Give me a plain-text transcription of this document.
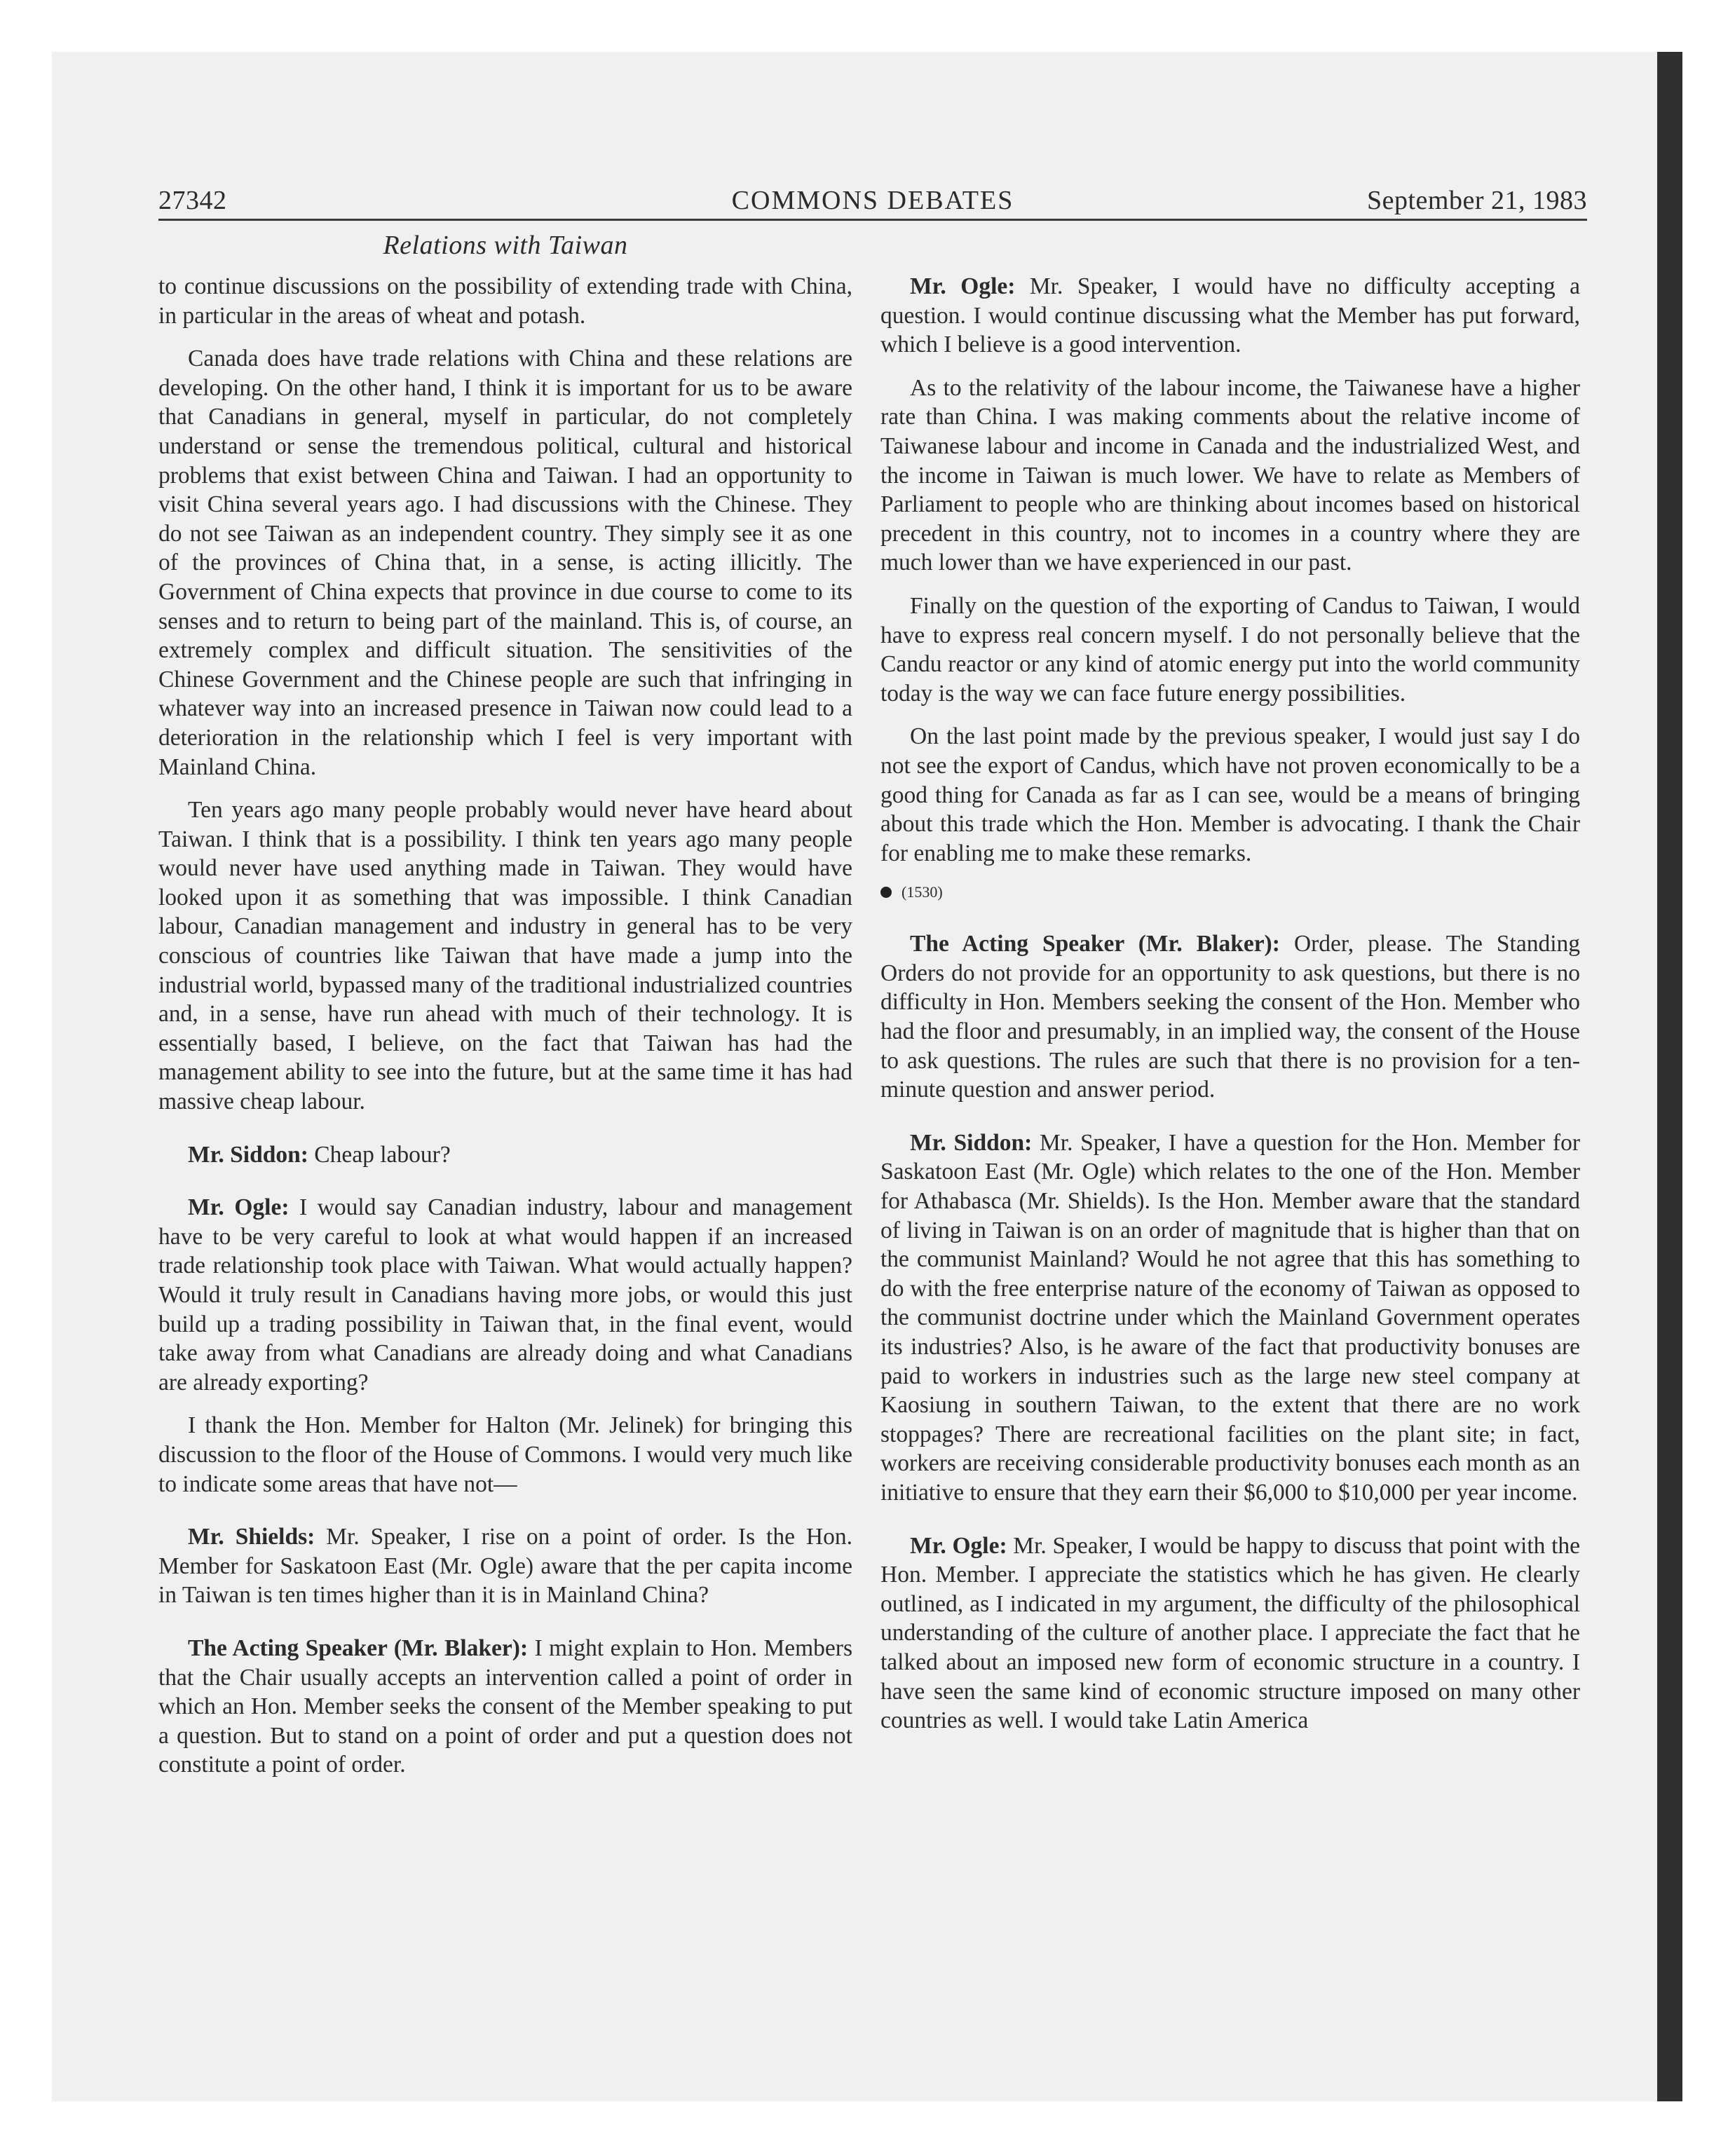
27342	COMMONS DEBATES	September 21, 1983
Relations with Taiwan

to continue discussions on the possibility of extending trade with China, in particular in the areas of wheat and potash.

Canada does have trade relations with China and these relations are developing. On the other hand, I think it is important for us to be aware that Canadians in general, myself in particular, do not completely understand or sense the tremendous political, cultural and historical problems that exist between China and Taiwan. I had an opportunity to visit China several years ago. I had discussions with the Chinese. They do not see Taiwan as an independent country. They simply see it as one of the provinces of China that, in a sense, is acting illicitly. The Government of China expects that province in due course to come to its senses and to return to being part of the mainland. This is, of course, an extremely complex and difficult situation. The sensitivities of the Chinese Government and the Chinese people are such that infringing in whatever way into an increased presence in Taiwan now could lead to a deterioration in the relationship which I feel is very important with Mainland China.

Ten years ago many people probably would never have heard about Taiwan. I think that is a possibility. I think ten years ago many people would never have used anything made in Taiwan. They would have looked upon it as something that was impossible. I think Canadian labour, Canadian management and industry in general has to be very conscious of countries like Taiwan that have made a jump into the industrial world, bypassed many of the traditional industrialized countries and, in a sense, have run ahead with much of their technology. It is essentially based, I believe, on the fact that Taiwan has had the management ability to see into the future, but at the same time it has had massive cheap labour.

Mr. Siddon: Cheap labour?

Mr. Ogle: I would say Canadian industry, labour and management have to be very careful to look at what would happen if an increased trade relationship took place with Taiwan. What would actually happen? Would it truly result in Canadians having more jobs, or would this just build up a trading possibility in Taiwan that, in the final event, would take away from what Canadians are already doing and what Canadians are already exporting?

I thank the Hon. Member for Halton (Mr. Jelinek) for bringing this discussion to the floor of the House of Commons. I would very much like to indicate some areas that have not—

Mr. Shields: Mr. Speaker, I rise on a point of order. Is the Hon. Member for Saskatoon East (Mr. Ogle) aware that the per capita income in Taiwan is ten times higher than it is in Mainland China?

The Acting Speaker (Mr. Blaker): I might explain to Hon. Members that the Chair usually accepts an intervention called a point of order in which an Hon. Member seeks the consent of the Member speaking to put a question. But to stand on a point of order and put a question does not constitute a point of order.

Mr. Ogle: Mr. Speaker, I would have no difficulty accepting a question. I would continue discussing what the Member has put forward, which I believe is a good intervention.

As to the relativity of the labour income, the Taiwanese have a higher rate than China. I was making comments about the relative income of Taiwanese labour and income in Canada and the industrialized West, and the income in Taiwan is much lower. We have to relate as Members of Parliament to people who are thinking about incomes based on historical precedent in this country, not to incomes in a country where they are much lower than we have experienced in our past.

Finally on the question of the exporting of Candus to Taiwan, I would have to express real concern myself. I do not personally believe that the Candu reactor or any kind of atomic energy put into the world community today is the way we can face future energy possibilities.

On the last point made by the previous speaker, I would just say I do not see the export of Candus, which have not proven economically to be a good thing for Canada as far as I can see, would be a means of bringing about this trade which the Hon. Member is advocating. I thank the Chair for enabling me to make these remarks.

(1530)

The Acting Speaker (Mr. Blaker): Order, please. The Standing Orders do not provide for an opportunity to ask questions, but there is no difficulty in Hon. Members seeking the consent of the Hon. Member who had the floor and presumably, in an implied way, the consent of the House to ask questions. The rules are such that there is no provision for a ten-minute question and answer period.

Mr. Siddon: Mr. Speaker, I have a question for the Hon. Member for Saskatoon East (Mr. Ogle) which relates to the one of the Hon. Member for Athabasca (Mr. Shields). Is the Hon. Member aware that the standard of living in Taiwan is on an order of magnitude that is higher than that on the communist Mainland? Would he not agree that this has something to do with the free enterprise nature of the economy of Taiwan as opposed to the communist doctrine under which the Mainland Government operates its industries? Also, is he aware of the fact that productivity bonuses are paid to workers in industries such as the large new steel company at Kaosiung in southern Taiwan, to the extent that there are no work stoppages? There are recreational facilities on the plant site; in fact, workers are receiving considerable productivity bonuses each month as an initiative to ensure that they earn their $6,000 to $10,000 per year income.

Mr. Ogle: Mr. Speaker, I would be happy to discuss that point with the Hon. Member. I appreciate the statistics which he has given. He clearly outlined, as I indicated in my argument, the difficulty of the philosophical understanding of the culture of another place. I appreciate the fact that he talked about an imposed new form of economic structure in a country. I have seen the same kind of economic structure imposed on many other countries as well. I would take Latin America
